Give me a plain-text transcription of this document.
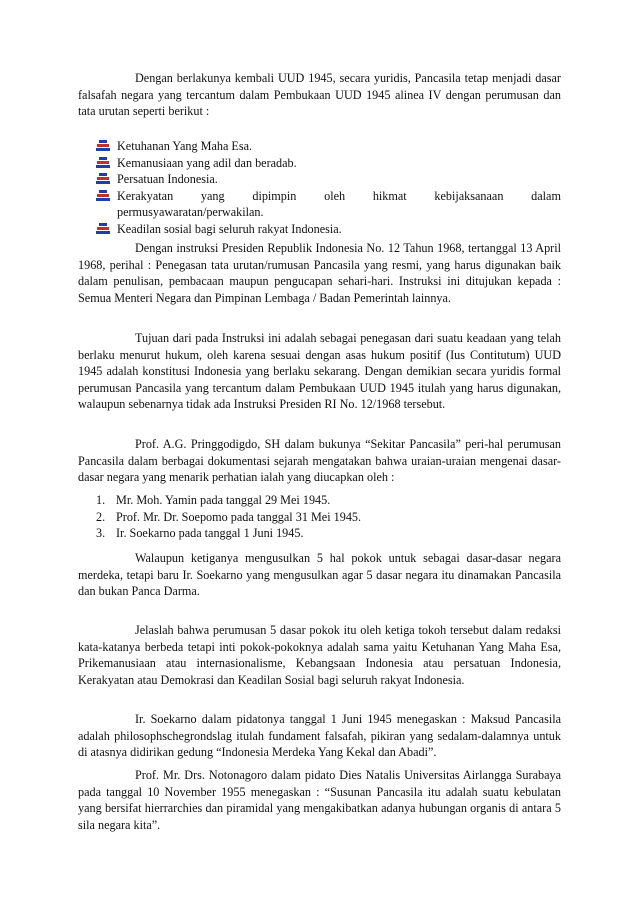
Dengan berlakunya kembali UUD 1945, secara yuridis, Pancasila tetap menjadi dasar falsafah negara yang tercantum dalam Pembukaan UUD 1945 alinea IV dengan perumusan dan tata urutan seperti berikut :

Ketuhanan Yang Maha Esa.
Kemanusiaan yang adil dan beradab.
Persatuan Indonesia.
Kerakyatan yang dipimpin oleh hikmat kebijaksanaan dalam
permusyawaratan/perwakilan.
Keadilan sosial bagi seluruh rakyat Indonesia.

Dengan instruksi Presiden Republik Indonesia No. 12 Tahun 1968, tertanggal 13 April 1968, perihal : Penegasan tata urutan/rumusan Pancasila yang resmi, yang harus digunakan baik dalam penulisan, pembacaan maupun pengucapan sehari-hari. Instruksi ini ditujukan kepada : Semua Menteri Negara dan Pimpinan Lembaga / Badan Pemerintah lainnya.

Tujuan dari pada Instruksi ini adalah sebagai penegasan dari suatu keadaan yang telah berlaku menurut hukum, oleh karena sesuai dengan asas hukum positif (Ius Contitutum) UUD 1945 adalah konstitusi Indonesia yang berlaku sekarang. Dengan demikian secara yuridis formal perumusan Pancasila yang tercantum dalam Pembukaan UUD 1945 itulah yang harus digunakan, walaupun sebenarnya tidak ada Instruksi Presiden RI No. 12/1968 tersebut.

Prof. A.G. Pringgodigdo, SH dalam bukunya “Sekitar Pancasila” peri-hal perumusan Pancasila dalam berbagai dokumentasi sejarah mengatakan bahwa uraian-uraian mengenai dasar-dasar negara yang menarik perhatian ialah yang diucapkan oleh :

1. Mr. Moh. Yamin pada tanggal 29 Mei 1945.
2. Prof. Mr. Dr. Soepomo pada tanggal 31 Mei 1945.
3. Ir. Soekarno pada tanggal 1 Juni 1945.

Walaupun ketiganya mengusulkan 5 hal pokok untuk sebagai dasar-dasar negara merdeka, tetapi baru Ir. Soekarno yang mengusulkan agar 5 dasar negara itu dinamakan Pancasila dan bukan Panca Darma.

Jelaslah bahwa perumusan 5 dasar pokok itu oleh ketiga tokoh tersebut dalam redaksi kata-katanya berbeda tetapi inti pokok-pokoknya adalah sama yaitu Ketuhanan Yang Maha Esa, Prikemanusiaan atau internasionalisme, Kebangsaan Indonesia atau persatuan Indonesia, Kerakyatan atau Demokrasi dan Keadilan Sosial bagi seluruh rakyat Indonesia.

Ir. Soekarno dalam pidatonya tanggal 1 Juni 1945 menegaskan : Maksud Pancasila adalah philosophschegrondslag itulah fundament falsafah, pikiran yang sedalam-dalamnya untuk di atasnya didirikan gedung “Indonesia Merdeka Yang Kekal dan Abadi”.

Prof. Mr. Drs. Notonagoro dalam pidato Dies Natalis Universitas Airlangga Surabaya pada tanggal 10 November 1955 menegaskan : “Susunan Pancasila itu adalah suatu kebulatan yang bersifat hierrarchies dan piramidal yang mengakibatkan adanya hubungan organis di antara 5 sila negara kita”.
